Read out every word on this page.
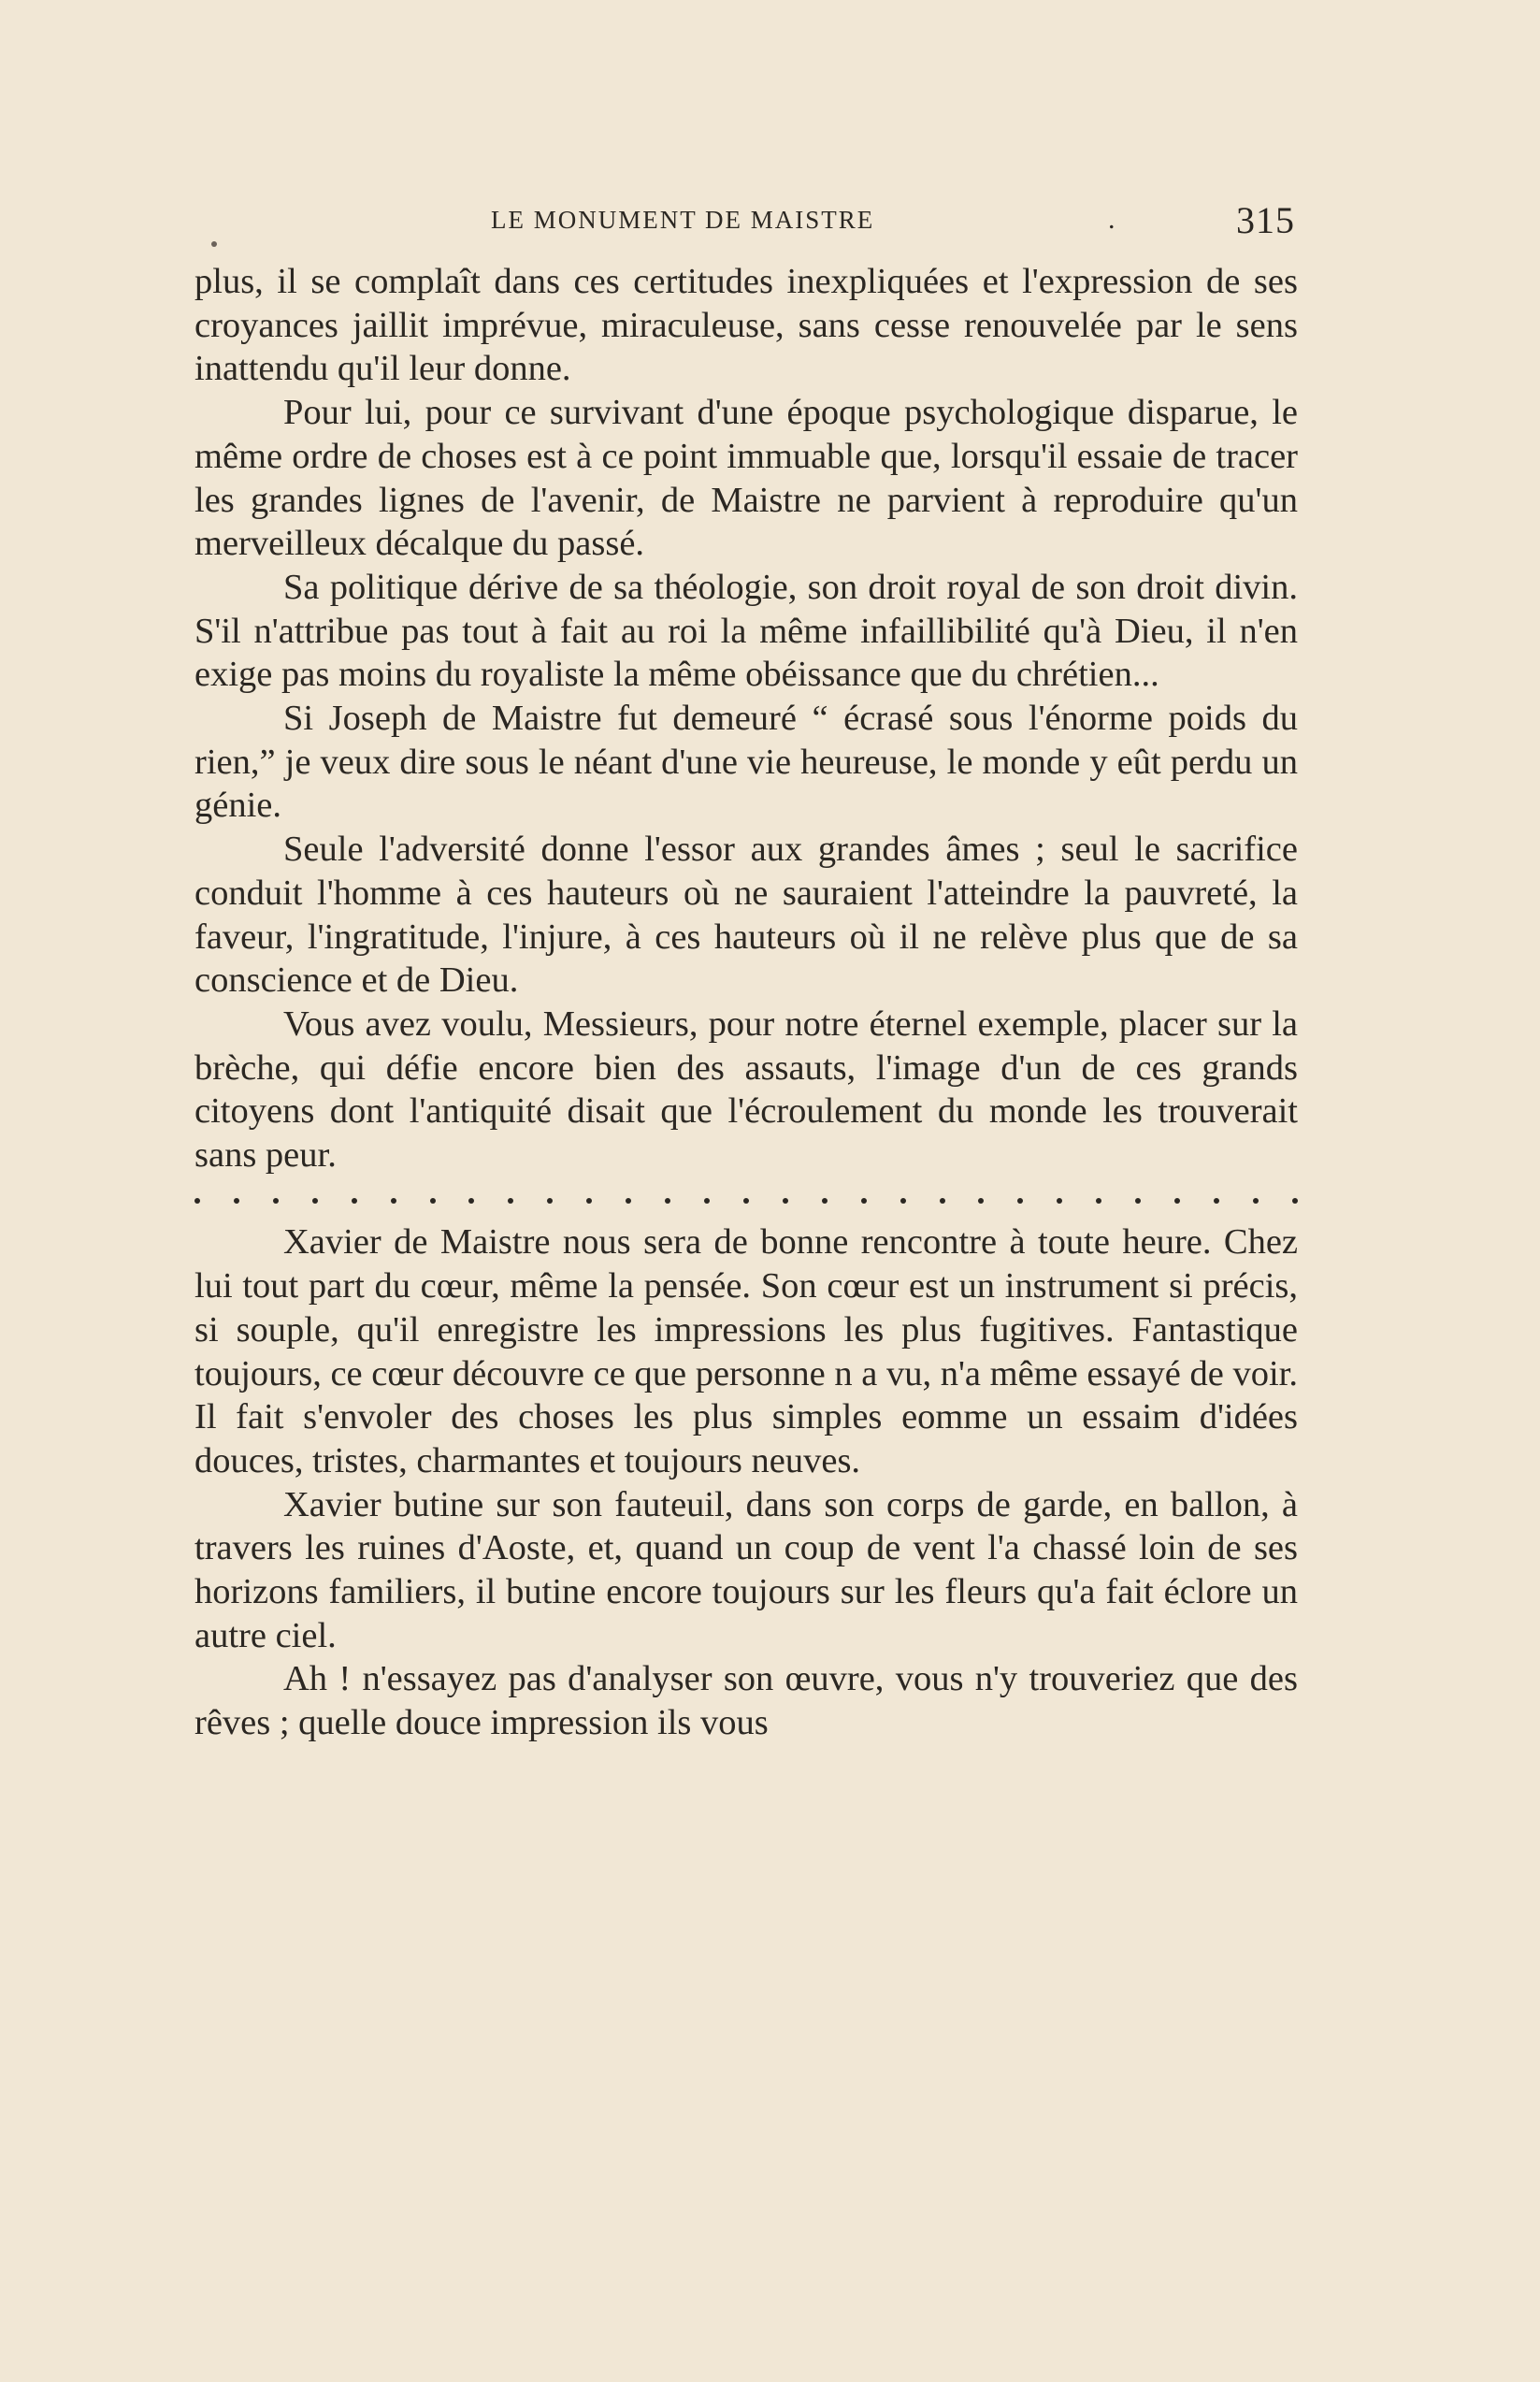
LE MONUMENT DE MAISTRE	.	315

plus, il se complaît dans ces certitudes inexpliquées et l'expression de ses croyances jaillit imprévue, miraculeuse, sans cesse renouvelée par le sens inattendu qu'il leur donne.

Pour lui, pour ce survivant d'une époque psychologique disparue, le même ordre de choses est à ce point immuable que, lorsqu'il essaie de tracer les grandes lignes de l'avenir, de Maistre ne parvient à reproduire qu'un merveilleux décalque du passé.

Sa politique dérive de sa théologie, son droit royal de son droit divin. S'il n'attribue pas tout à fait au roi la même infaillibilité qu'à Dieu, il n'en exige pas moins du royaliste la même obéissance que du chrétien...

Si Joseph de Maistre fut demeuré “ écrasé sous l'énorme poids du rien,” je veux dire sous le néant d'une vie heureuse, le monde y eût perdu un génie.

Seule l'adversité donne l'essor aux grandes âmes ; seul le sacrifice conduit l'homme à ces hauteurs où ne sauraient l'atteindre la pauvreté, la faveur, l'ingratitude, l'injure, à ces hauteurs où il ne relève plus que de sa conscience et de Dieu.

Vous avez voulu, Messieurs, pour notre éternel exemple, placer sur la brèche, qui défie encore bien des assauts, l'image d'un de ces grands citoyens dont l'antiquité disait que l'écroulement du monde les trouverait sans peur.

Xavier de Maistre nous sera de bonne rencontre à toute heure. Chez lui tout part du cœur, même la pensée. Son cœur est un instrument si précis, si souple, qu'il enregistre les impressions les plus fugitives. Fantastique toujours, ce cœur découvre ce que personne n a vu, n'a même essayé de voir. Il fait s'envoler des choses les plus simples eomme un essaim d'idées douces, tristes, charmantes et toujours neuves.

Xavier butine sur son fauteuil, dans son corps de garde, en ballon, à travers les ruines d'Aoste, et, quand un coup de vent l'a chassé loin de ses horizons familiers, il butine encore toujours sur les fleurs qu'a fait éclore un autre ciel.

Ah ! n'essayez pas d'analyser son œuvre, vous n'y trouveriez que des rêves ; quelle douce impression ils vous
